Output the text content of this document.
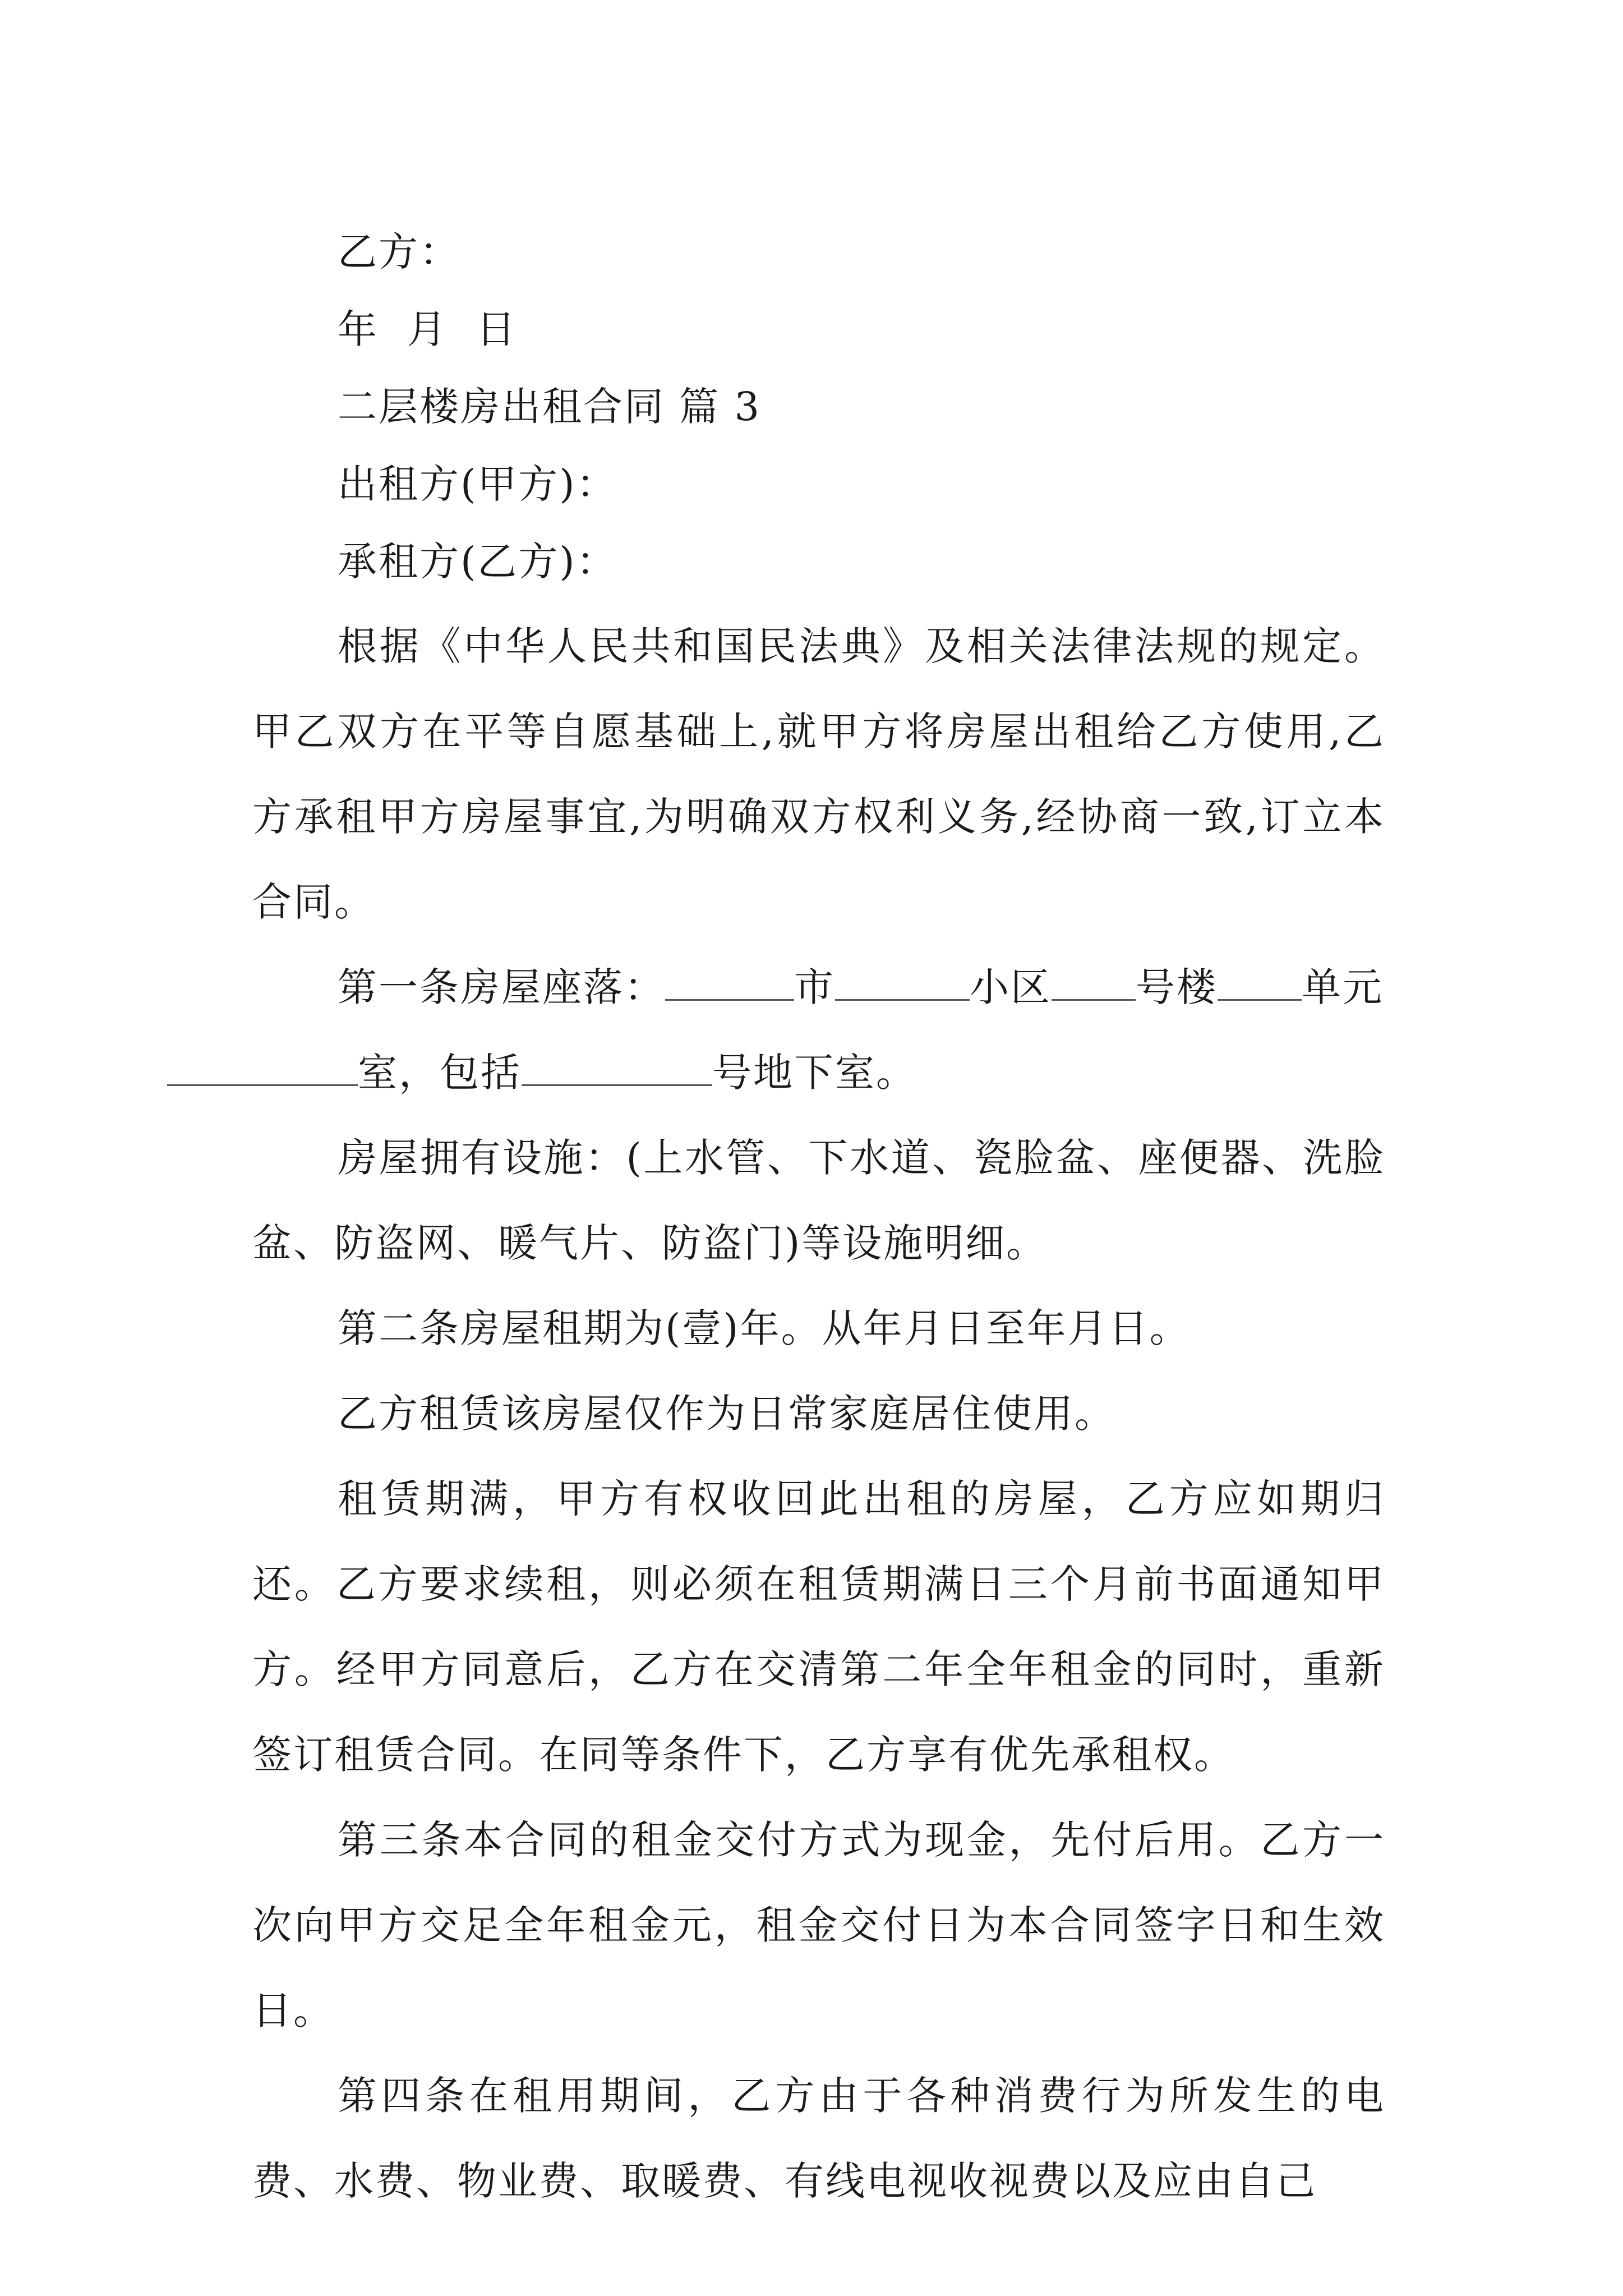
乙方：
年  月  日
二层楼房出租合同 篇 3
出租方(甲方)：
承租方(乙方)：

根据《中华人民共和国民法典》及相关法律法规的规定。甲乙双方在平等自愿基础上,就甲方将房屋出租给乙方使用,乙方承租甲方房屋事宜,为明确双方权利义务,经协商一致,订立本合同。

第一条房屋座落：	市	小区 号楼 单元
室，包括	号地下室。

房屋拥有设施：(上水管、下水道、瓷脸盆、座便器、洗脸盆、防盗网、暖气片、防盗门)等设施明细。

第二条房屋租期为(壹)年。从年月日至年月日。

乙方租赁该房屋仅作为日常家庭居住使用。

租赁期满，甲方有权收回此出租的房屋，乙方应如期归还。乙方要求续租，则必须在租赁期满日三个月前书面通知甲方。经甲方同意后，乙方在交清第二年全年租金的同时，重新签订租赁合同。在同等条件下，乙方享有优先承租权。

第三条本合同的租金交付方式为现金，先付后用。乙方一次向甲方交足全年租金元，租金交付日为本合同签字日和生效日。

第四条在租用期间，乙方由于各种消费行为所发生的电费、水费、物业费、取暖费、有线电视收视费以及应由自己
